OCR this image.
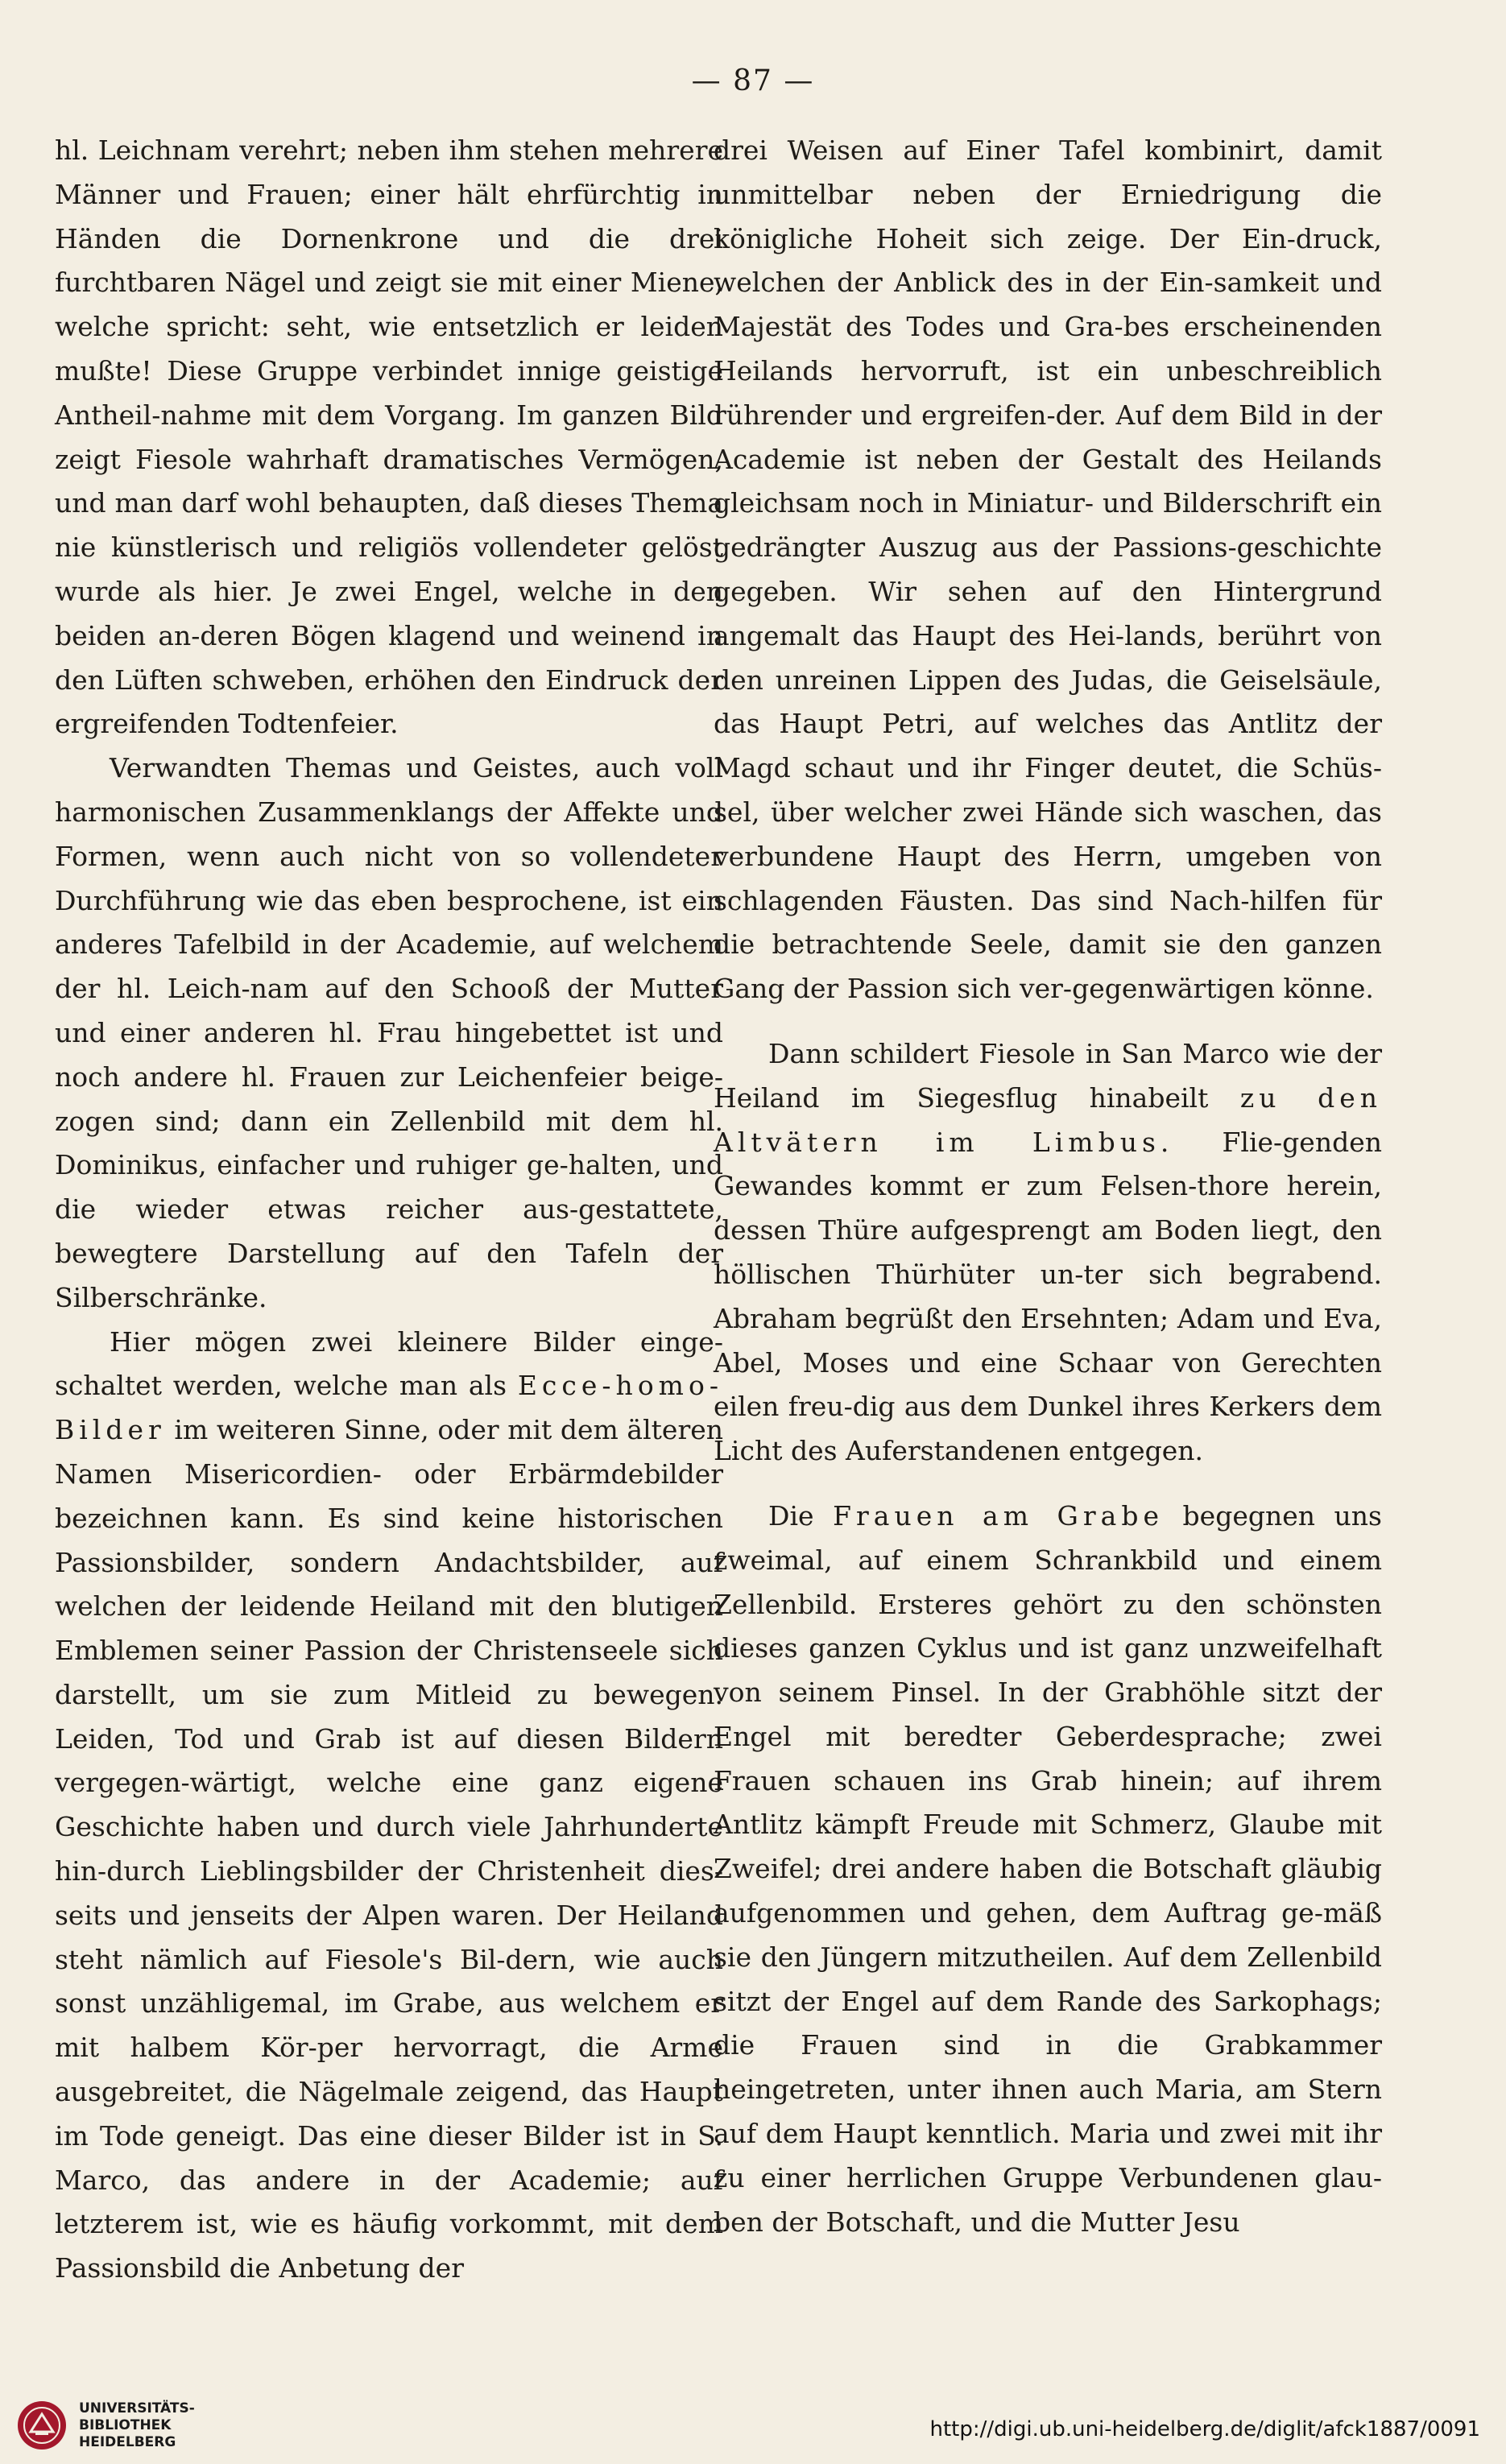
— 87 —

hl. Leichnam verehrt; neben ihm stehen mehrere Männer und Frauen; einer hält ehrfürchtig in Händen die Dornenkrone und die drei furchtbaren Nägel und zeigt sie mit einer Miene, welche spricht: seht, wie entsetzlich er leiden mußte! Diese Gruppe verbindet innige geistige Antheil-nahme mit dem Vorgang. Im ganzen Bild zeigt Fiesole wahrhaft dramatisches Vermögen, und man darf wohl behaupten, daß dieses Thema nie künstlerisch und religiös vollendeter gelöst wurde als hier. Je zwei Engel, welche in den beiden an-deren Bögen klagend und weinend in den Lüften schweben, erhöhen den Eindruck der ergreifenden Todtenfeier.

Verwandten Themas und Geistes, auch voll harmonischen Zusammenklangs der Affekte und Formen, wenn auch nicht von so vollendeter Durchführung wie das eben besprochene, ist ein anderes Tafelbild in der Academie, auf welchem der hl. Leich-nam auf den Schooß der Mutter und einer anderen hl. Frau hingebettet ist und noch andere hl. Frauen zur Leichenfeier beige-zogen sind; dann ein Zellenbild mit dem hl. Dominikus, einfacher und ruhiger ge-halten, und die wieder etwas reicher aus-gestattete, bewegtere Darstellung auf den Tafeln der Silberschränke.

Hier mögen zwei kleinere Bilder einge-schaltet werden, welche man als Ecce-homo-Bilder im weiteren Sinne, oder mit dem älteren Namen Misericordien- oder Erbärmdebilder bezeichnen kann. Es sind keine historischen Passionsbilder, sondern Andachtsbilder, auf welchen der leidende Heiland mit den blutigen Emblemen seiner Passion der Christenseele sich darstellt, um sie zum Mitleid zu bewegen. Leiden, Tod und Grab ist auf diesen Bildern vergegen-wärtigt, welche eine ganz eigene Geschichte haben und durch viele Jahrhunderte hin-durch Lieblingsbilder der Christenheit dies-seits und jenseits der Alpen waren. Der Heiland steht nämlich auf Fiesole's Bil-dern, wie auch sonst unzähligemal, im Grabe, aus welchem er mit halbem Kör-per hervorragt, die Arme ausgebreitet, die Nägelmale zeigend, das Haupt im Tode geneigt. Das eine dieser Bilder ist in S. Marco, das andere in der Academie; auf letzterem ist, wie es häufig vorkommt, mit dem Passionsbild die Anbetung der

drei Weisen auf Einer Tafel kombinirt, damit unmittelbar neben der Erniedrigung die königliche Hoheit sich zeige. Der Ein-druck, welchen der Anblick des in der Ein-samkeit und Majestät des Todes und Gra-bes erscheinenden Heilands hervorruft, ist ein unbeschreiblich rührender und ergreifen-der. Auf dem Bild in der Academie ist neben der Gestalt des Heilands gleichsam noch in Miniatur- und Bilderschrift ein gedrängter Auszug aus der Passions-geschichte gegeben. Wir sehen auf den Hintergrund angemalt das Haupt des Hei-lands, berührt von den unreinen Lippen des Judas, die Geiselsäule, das Haupt Petri, auf welches das Antlitz der Magd schaut und ihr Finger deutet, die Schüs-sel, über welcher zwei Hände sich waschen, das verbundene Haupt des Herrn, umgeben von schlagenden Fäusten. Das sind Nach-hilfen für die betrachtende Seele, damit sie den ganzen Gang der Passion sich ver-gegenwärtigen könne.

Dann schildert Fiesole in San Marco wie der Heiland im Siegesflug hinabeilt zu den Altvätern im Limbus. Flie-genden Gewandes kommt er zum Felsen-thore herein, dessen Thüre aufgesprengt am Boden liegt, den höllischen Thürhüter un-ter sich begrabend. Abraham begrüßt den Ersehnten; Adam und Eva, Abel, Moses und eine Schaar von Gerechten eilen freu-dig aus dem Dunkel ihres Kerkers dem Licht des Auferstandenen entgegen.

Die Frauen am Grabe begegnen uns zweimal, auf einem Schrankbild und einem Zellenbild. Ersteres gehört zu den schönsten dieses ganzen Cyklus und ist ganz unzweifelhaft von seinem Pinsel. In der Grabhöhle sitzt der Engel mit beredter Geberdesprache; zwei Frauen schauen ins Grab hinein; auf ihrem Antlitz kämpft Freude mit Schmerz, Glaube mit Zweifel; drei andere haben die Botschaft gläubig aufgenommen und gehen, dem Auftrag ge-mäß sie den Jüngern mitzutheilen. Auf dem Zellenbild sitzt der Engel auf dem Rande des Sarkophags; die Frauen sind in die Grabkammer heingetreten, unter ihnen auch Maria, am Stern auf dem Haupt kenntlich. Maria und zwei mit ihr zu einer herrlichen Gruppe Verbundenen glau-ben der Botschaft, und die Mutter Jesu

UNIVERSITÄTS-
BIBLIOTHEK
HEIDELBERG
http://digi.ub.uni-heidelberg.de/diglit/afck1887/0091
